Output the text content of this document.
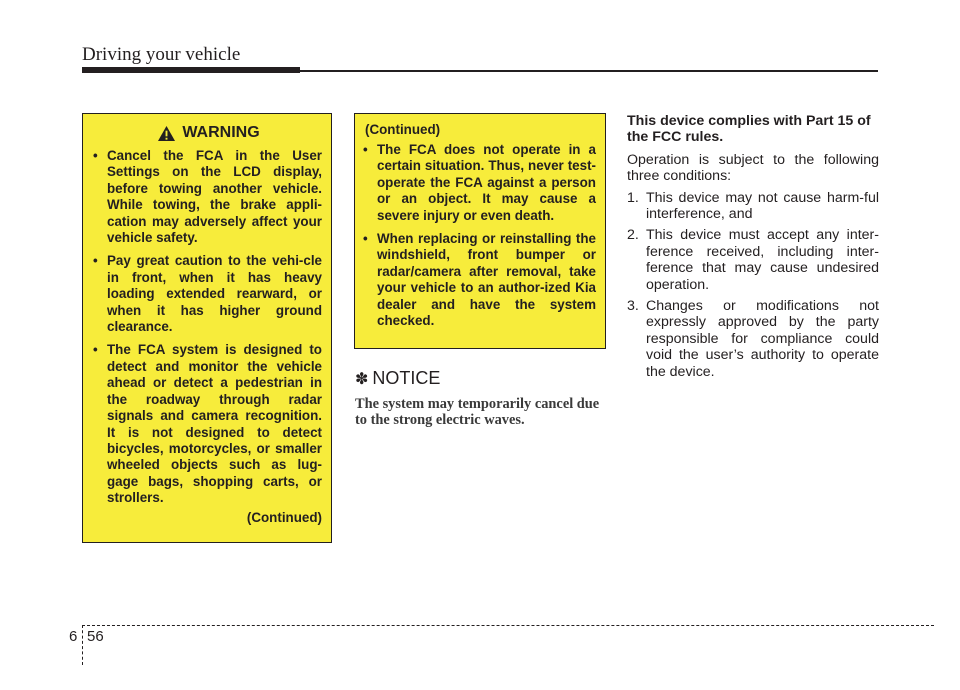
Driving your vehicle
WARNING
• Cancel the FCA in the User Settings on the LCD display, before towing another vehicle. While towing, the brake appli-cation may adversely affect your vehicle safety.
• Pay great caution to the vehi-cle in front, when it has heavy loading extended rearward, or when it has higher ground clearance.
• The FCA system is designed to detect and monitor the vehicle ahead or detect a pedestrian in the roadway through radar signals and camera recognition. It is not designed to detect bicycles, motorcycles, or smaller wheeled objects such as lug-gage bags, shopping carts, or strollers.
(Continued)
(Continued)
• The FCA does not operate in a certain situation. Thus, never test-operate the FCA against a person or an object. It may cause a severe injury or even death.
• When replacing or reinstalling the windshield, front bumper or radar/camera after removal, take your vehicle to an author-ized Kia dealer and have the system checked.
✽ NOTICE
The system may temporarily cancel due to the strong electric waves.
This device complies with Part 15 of the FCC rules.
Operation is subject to the following three conditions:
1. This device may not cause harm-ful interference, and
2. This device must accept any inter-ference received, including inter-ference that may cause undesired operation.
3. Changes or modifications not expressly approved by the party responsible for compliance could void the user’s authority to operate the device.
6 56
